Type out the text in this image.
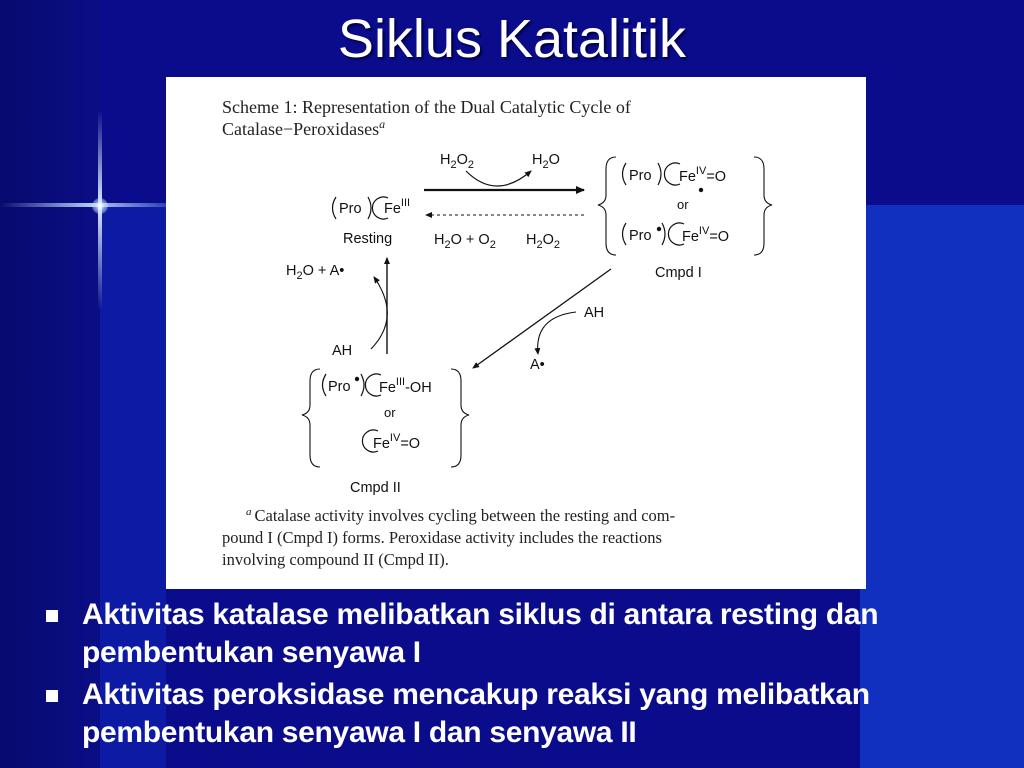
Siklus Katalitik
Scheme 1: Representation of the Dual Catalytic Cycle of
Catalase−Peroxidases$^a$
Pro $Fe^{III}$
Resting
$H_2O_2$	$H_2O$
$H_2O + O_2$ $H_2O_2$
Pro $Fe^{IV}=O$
or
Pro $Fe^{IV}=O$
Cmpd I
AH
A•
$H_2O$ + A•
AH
Pro $Fe^{III}-OH$
or
$Fe^{IV}=O$
Cmpd II
$^a$ Catalase activity involves cycling between the resting and com-
pound I (Cmpd I) forms. Peroxidase activity includes the reactions
involving compound II (Cmpd II).
Aktivitas katalase melibatkan siklus di antara resting dan
pembentukan senyawa I
Aktivitas peroksidase mencakup reaksi yang melibatkan
pembentukan senyawa I dan senyawa II
